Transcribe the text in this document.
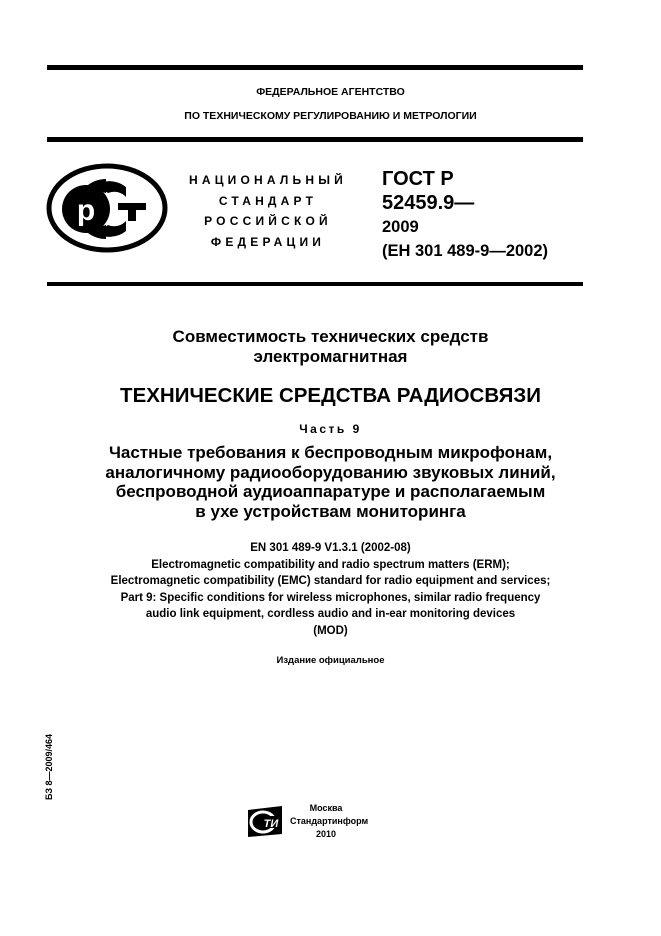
ФЕДЕРАЛЬНОЕ АГЕНТСТВО
ПО ТЕХНИЧЕСКОМУ РЕГУЛИРОВАНИЮ И МЕТРОЛОГИИ
р
НАЦИОНАЛЬНЫЙ
СТАНДАРТ
РОССИЙСКОЙ
ФЕДЕРАЦИИ
ГОСТ Р
52459.9—
2009
(ЕН 301 489-9—2002)
Совместимость технических средств
электромагнитная
ТЕХНИЧЕСКИЕ СРЕДСТВА РАДИОСВЯЗИ
Часть 9
Частные требования к беспроводным микрофонам,
аналогичному радиооборудованию звуковых линий,
беспроводной аудиоаппаратуре и располагаемым
в ухе устройствам мониторинга
EN 301 489-9 V1.3.1 (2002-08)
Electromagnetic compatibility and radio spectrum matters (ERM);
Electromagnetic compatibility (EMC) standard for radio equipment and services;
Part 9: Specific conditions for wireless microphones, similar radio frequency
audio link equipment, cordless audio and in-ear monitoring devices
(MOD)
Издание официальное
БЗ 8—2009/464
ТИ
Москва
Стандартинформ
2010
